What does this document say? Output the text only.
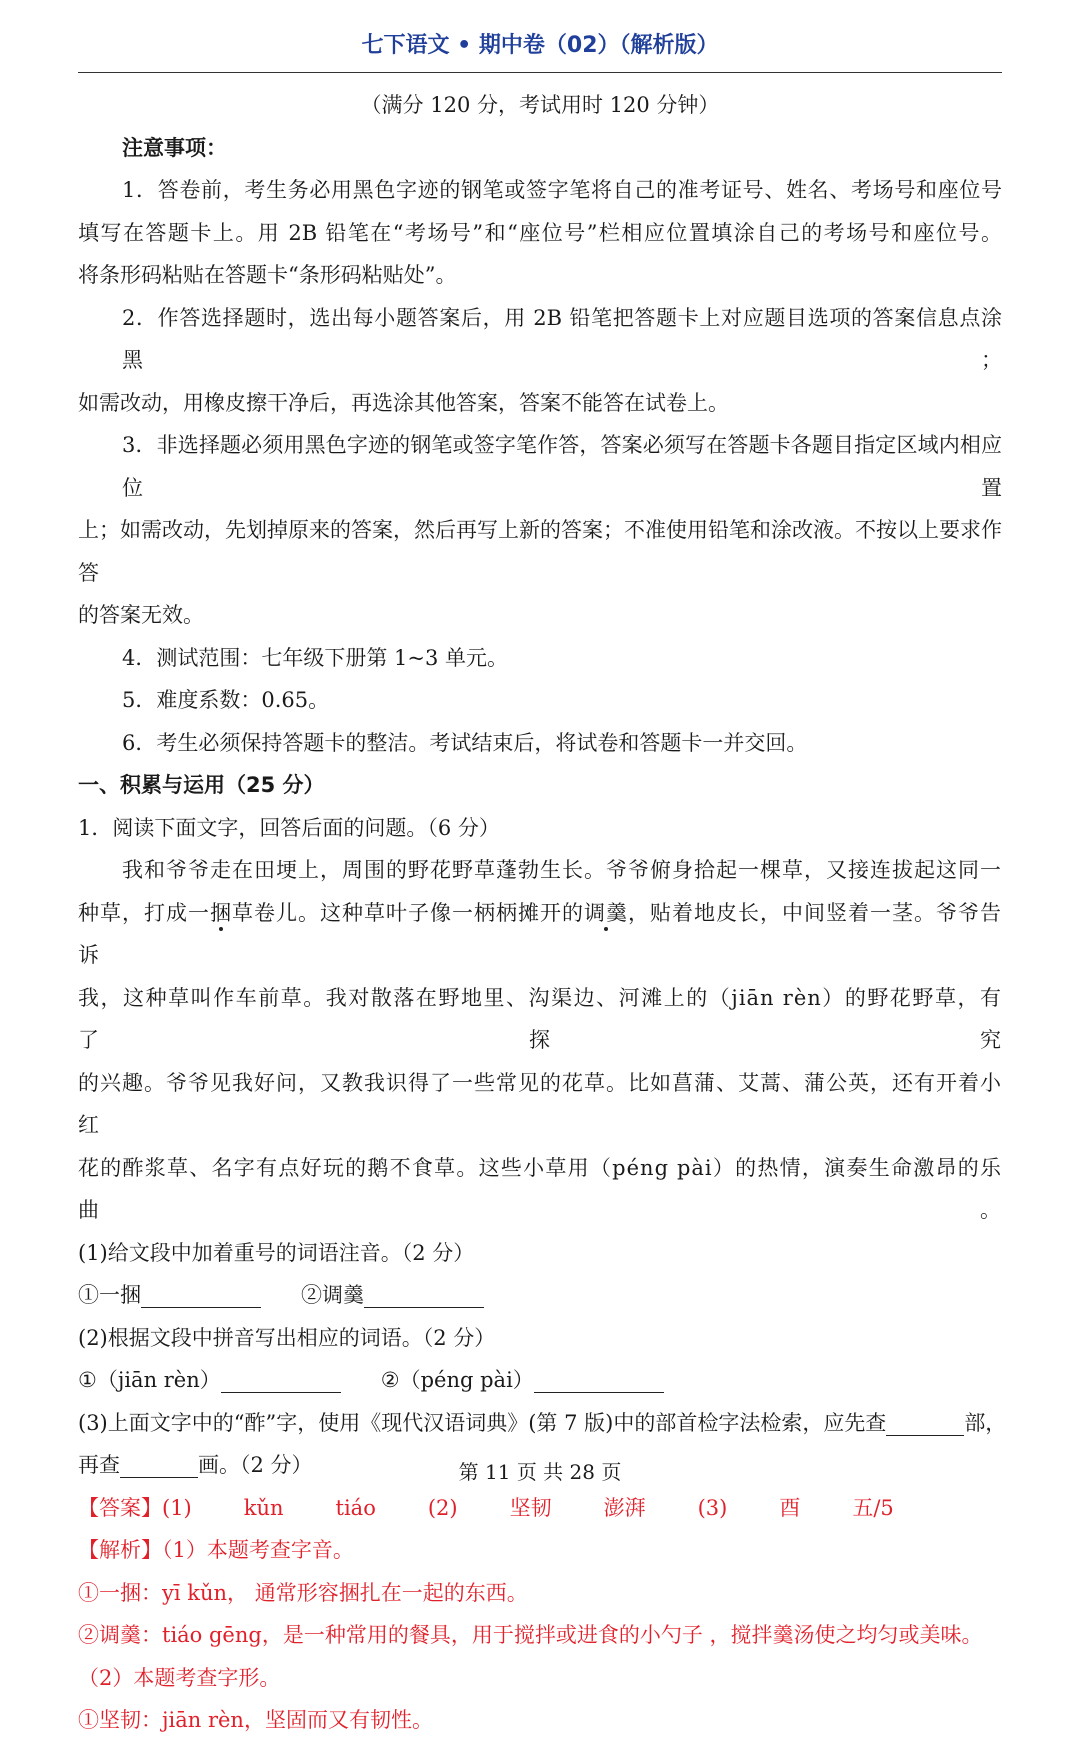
七下语文 • 期中卷（02）（解析版）
（满分 120 分，考试用时 120 分钟）
注意事项：
1．答卷前，考生务必用黑色字迹的钢笔或签字笔将自己的准考证号、姓名、考场号和座位号
填写在答题卡上。用 2B 铅笔在“考场号”和“座位号”栏相应位置填涂自己的考场号和座位号。
将条形码粘贴在答题卡“条形码粘贴处”。
2．作答选择题时，选出每小题答案后，用 2B 铅笔把答题卡上对应题目选项的答案信息点涂黑；
如需改动，用橡皮擦干净后，再选涂其他答案，答案不能答在试卷上。
3．非选择题必须用黑色字迹的钢笔或签字笔作答，答案必须写在答题卡各题目指定区域内相应位置
上；如需改动，先划掉原来的答案，然后再写上新的答案；不准使用铅笔和涂改液。不按以上要求作答
的答案无效。
4．测试范围：七年级下册第 1~3 单元。
5．难度系数：0.65。
6．考生必须保持答题卡的整洁。考试结束后，将试卷和答题卡一并交回。
一、积累与运用（25 分）
1．阅读下面文字，回答后面的问题。（6 分）
我和爷爷走在田埂上，周围的野花野草蓬勃生长。爷爷俯身拾起一棵草，又接连拔起这同一
种草，打成一捆草卷儿。这种草叶子像一柄柄摊开的调羹，贴着地皮长，中间竖着一茎。爷爷告诉
我，这种草叫作车前草。我对散落在野地里、沟渠边、河滩上的（jiān rèn）的野花野草，有了探究
的兴趣。爷爷见我好问，又教我识得了一些常见的花草。比如菖蒲、艾蒿、蒲公英，还有开着小红
花的酢浆草、名字有点好玩的鹅不食草。这些小草用（péng pài）的热情，演奏生命激昂的乐曲。
(1)给文段中加着重号的词语注音。（2 分）
①一捆	②调羹
(2)根据文段中拼音写出相应的词语。（2 分）
①（jiān rèn）	②（péng pài）
(3)上面文字中的“酢”字，使用《现代汉语词典》(第 7 版)中的部首检字法检索，应先查	部，
再查	画。（2 分）
【答案】(1) kǔn tiáo (2) 坚韧 澎湃 (3) 酉 五/5
【解析】（1）本题考查字音。
①一捆：yī kǔn， 通常形容捆扎在一起的东西。
②调羹：tiáo gēng，是一种常用的餐具，用于搅拌或进食的小勺子 ，搅拌羹汤使之均匀或美味。
（2）本题考查字形。
①坚韧：jiān rèn，坚固而又有韧性。
第 11 页 共 28 页
